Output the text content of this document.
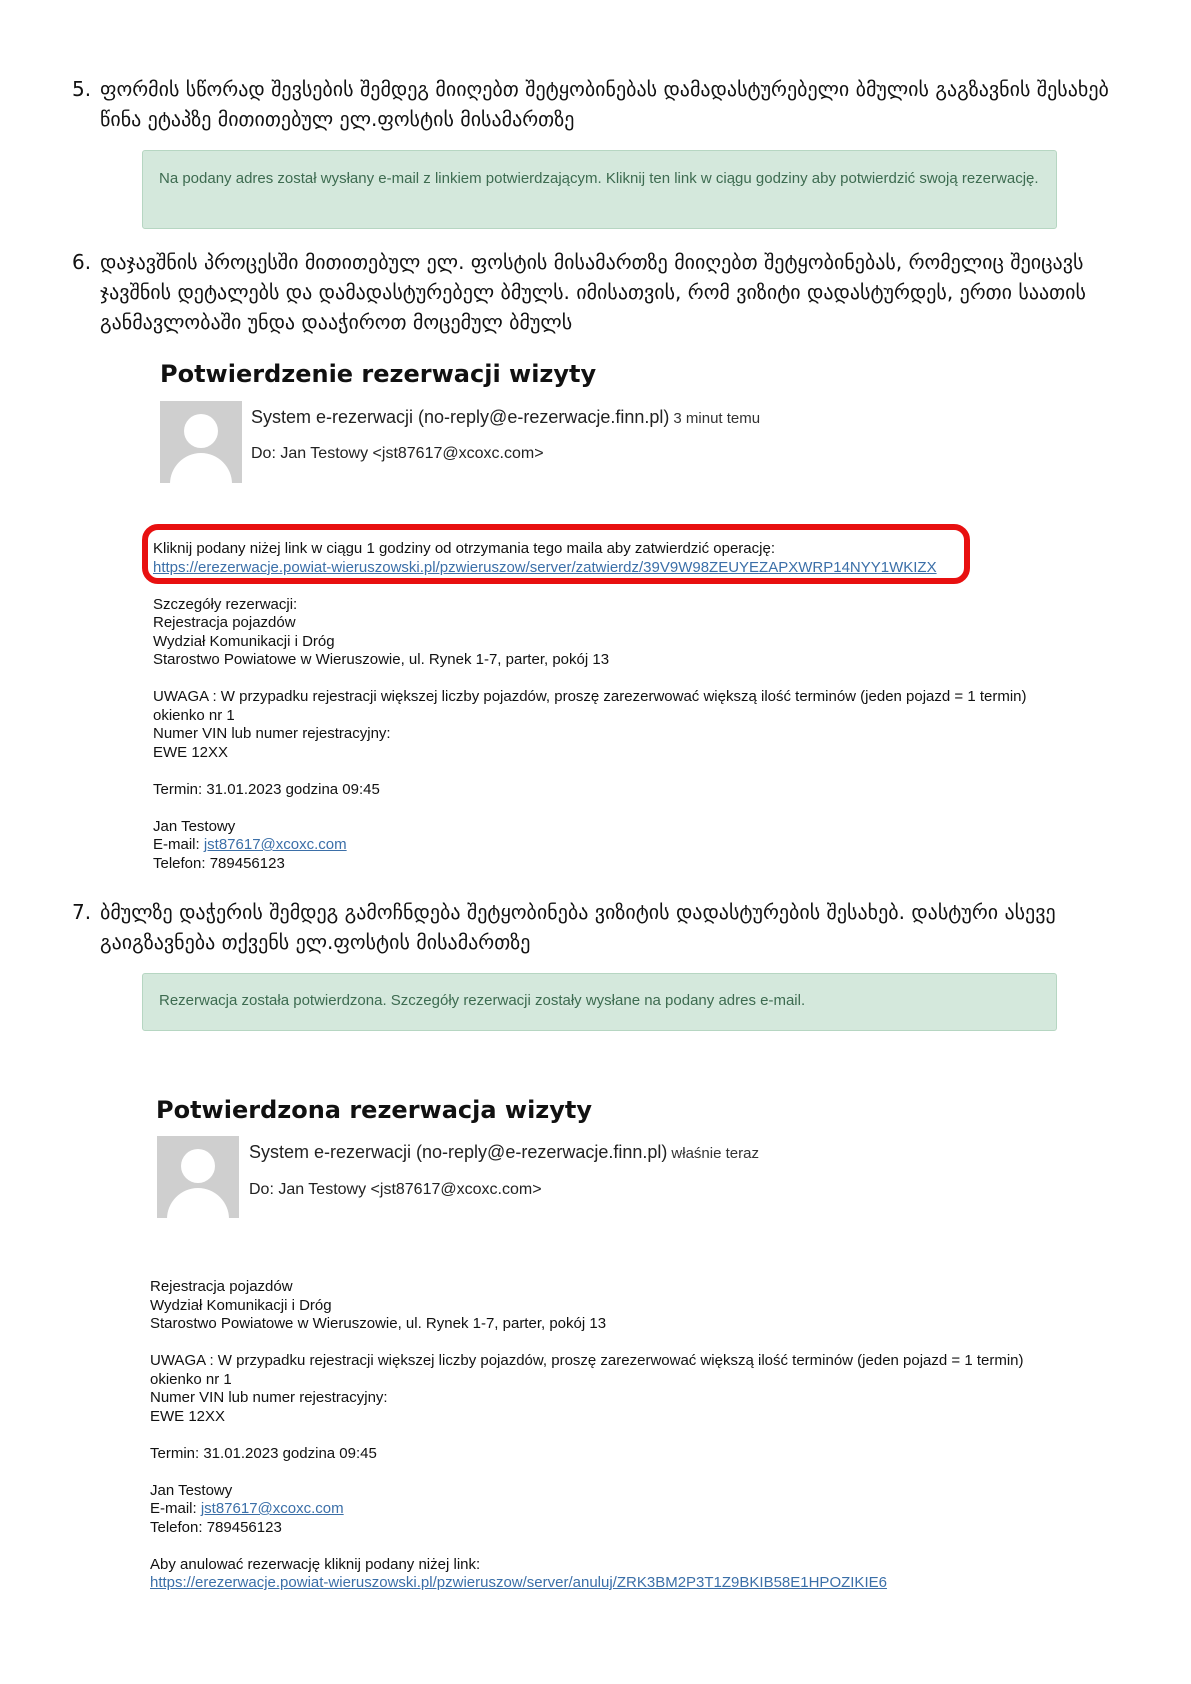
5. ფორმის სწორად შევსების შემდეგ მიიღებთ შეტყობინებას დამადასტურებელი ბმულის გაგზავნის შესახებ წინა ეტაპზე მითითებულ ელ.ფოსტის მისამართზე
Na podany adres został wysłany e-mail z linkiem potwierdzającym. Kliknij ten link w ciągu godziny aby potwierdzić swoją rezerwację.
6. დაჯავშნის პროცესში მითითებულ ელ. ფოსტის მისამართზე მიიღებთ შეტყობინებას, რომელიც შეიცავს ჯავშნის დეტალებს და დამადასტურებელ ბმულს. იმისათვის, რომ ვიზიტი დადასტურდეს, ერთი საათის განმავლობაში უნდა დააჭიროთ მოცემულ ბმულს
Potwierdzenie rezerwacji wizyty
System e-rezerwacji (no-reply@e-rezerwacje.finn.pl) 3 minut temu
Do: Jan Testowy <jst87617@xcoxc.com>
Kliknij podany niżej link w ciągu 1 godziny od otrzymania tego maila aby zatwierdzić operację:
https://erezerwacje.powiat-wieruszowski.pl/pzwieruszow/server/zatwierdz/39V9W98ZEUYEZAPXWRP14NYY1WKIZX
Szczegóły rezerwacji:
Rejestracja pojazdów
Wydział Komunikacji i Dróg
Starostwo Powiatowe w Wieruszowie, ul. Rynek 1-7, parter, pokój 13
UWAGA : W przypadku rejestracji większej liczby pojazdów, proszę zarezerwować większą ilość terminów (jeden pojazd = 1 termin)
okienko nr 1
Numer VIN lub numer rejestracyjny:
EWE 12XX
Termin: 31.01.2023 godzina 09:45
Jan Testowy
E-mail: jst87617@xcoxc.com
Telefon: 789456123
7. ბმულზე დაჭერის შემდეგ გამოჩნდება შეტყობინება ვიზიტის დადასტურების შესახებ. დასტური ასევე გაიგზავნება თქვენს ელ.ფოსტის მისამართზე
Rezerwacja została potwierdzona. Szczegóły rezerwacji zostały wysłane na podany adres e-mail.
Potwierdzona rezerwacja wizyty
System e-rezerwacji (no-reply@e-rezerwacje.finn.pl) właśnie teraz
Do: Jan Testowy <jst87617@xcoxc.com>
Rejestracja pojazdów
Wydział Komunikacji i Dróg
Starostwo Powiatowe w Wieruszowie, ul. Rynek 1-7, parter, pokój 13
UWAGA : W przypadku rejestracji większej liczby pojazdów, proszę zarezerwować większą ilość terminów (jeden pojazd = 1 termin)
okienko nr 1
Numer VIN lub numer rejestracyjny:
EWE 12XX
Termin: 31.01.2023 godzina 09:45
Jan Testowy
E-mail: jst87617@xcoxc.com
Telefon: 789456123
Aby anulować rezerwację kliknij podany niżej link:
https://erezerwacje.powiat-wieruszowski.pl/pzwieruszow/server/anuluj/ZRK3BM2P3T1Z9BKIB58E1HPOZIKIE6
